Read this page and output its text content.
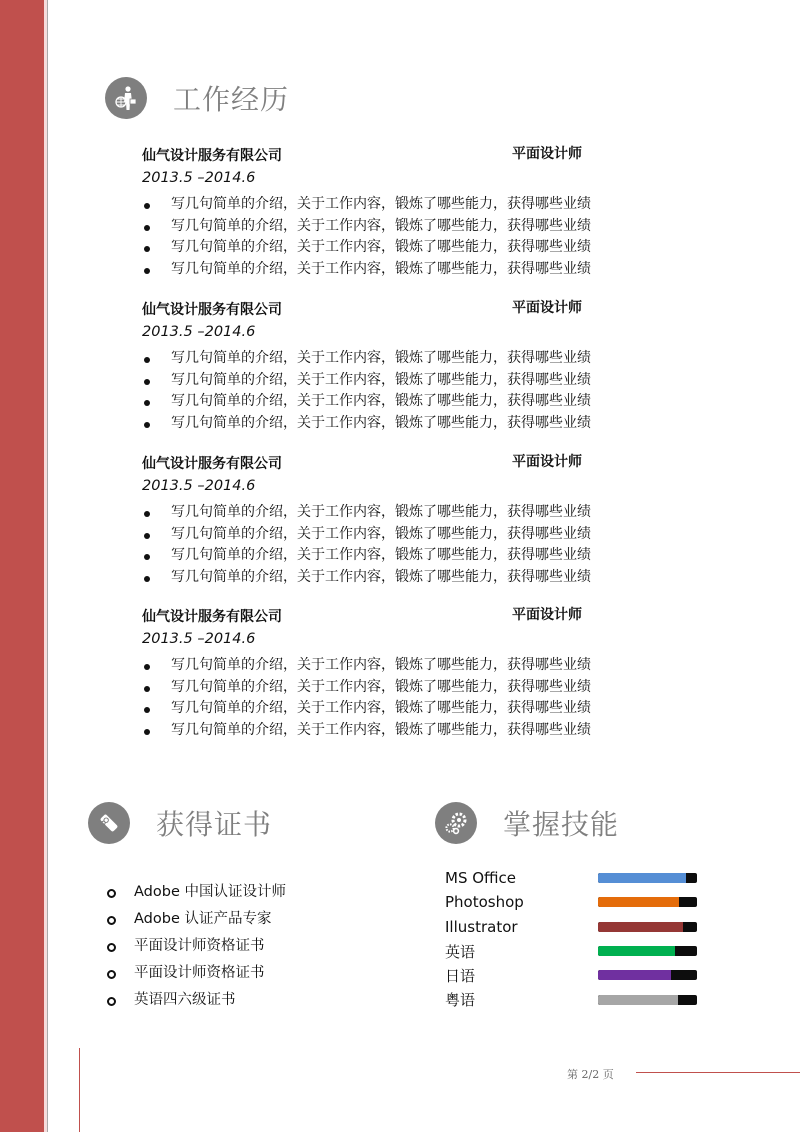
工作经历
仙气设计服务有限公司	平面设计师
2013.5 –2014.6
写几句简单的介绍，关于工作内容，锻炼了哪些能力，获得哪些业绩
写几句简单的介绍，关于工作内容，锻炼了哪些能力，获得哪些业绩
写几句简单的介绍，关于工作内容，锻炼了哪些能力，获得哪些业绩
写几句简单的介绍，关于工作内容，锻炼了哪些能力，获得哪些业绩
仙气设计服务有限公司	平面设计师
2013.5 –2014.6
写几句简单的介绍，关于工作内容，锻炼了哪些能力，获得哪些业绩
写几句简单的介绍，关于工作内容，锻炼了哪些能力，获得哪些业绩
写几句简单的介绍，关于工作内容，锻炼了哪些能力，获得哪些业绩
写几句简单的介绍，关于工作内容，锻炼了哪些能力，获得哪些业绩
仙气设计服务有限公司	平面设计师
2013.5 –2014.6
写几句简单的介绍，关于工作内容，锻炼了哪些能力，获得哪些业绩
写几句简单的介绍，关于工作内容，锻炼了哪些能力，获得哪些业绩
写几句简单的介绍，关于工作内容，锻炼了哪些能力，获得哪些业绩
写几句简单的介绍，关于工作内容，锻炼了哪些能力，获得哪些业绩
仙气设计服务有限公司	平面设计师
2013.5 –2014.6
写几句简单的介绍，关于工作内容，锻炼了哪些能力，获得哪些业绩
写几句简单的介绍，关于工作内容，锻炼了哪些能力，获得哪些业绩
写几句简单的介绍，关于工作内容，锻炼了哪些能力，获得哪些业绩
写几句简单的介绍，关于工作内容，锻炼了哪些能力，获得哪些业绩
获得证书
Adobe 中国认证设计师
Adobe 认证产品专家
平面设计师资格证书
平面设计师资格证书
英语四六级证书
掌握技能
MS Office
Photoshop
Illustrator
英语
日语
粤语
第 2/2 页
